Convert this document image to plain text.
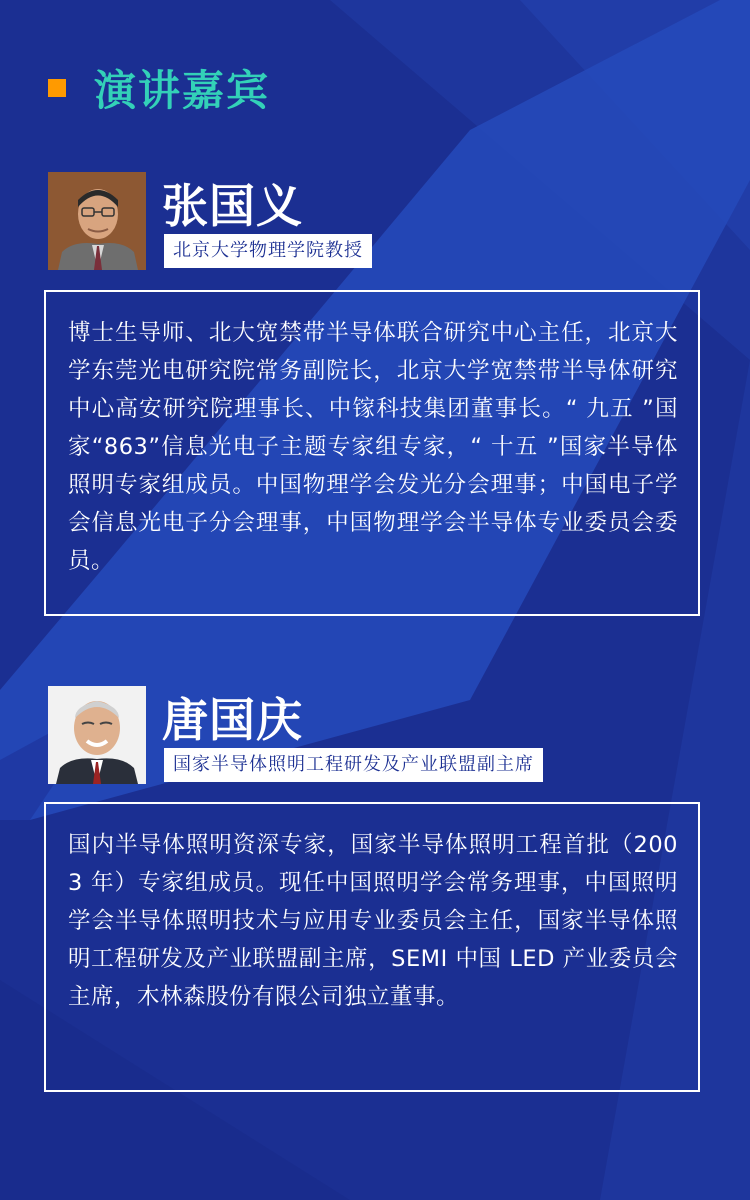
演讲嘉宾
张国义
北京大学物理学院教授
博士生导师、北大宽禁带半导体联合研究中心主任，北京大学东莞光电研究院常务副院长，北京大学宽禁带半导体研究中心高安研究院理事长、中镓科技集团董事长。“ 九五 ”国家“863”信息光电子主题专家组专家，“ 十五 ”国家半导体照明专家组成员。中国物理学会发光分会理事；中国电子学会信息光电子分会理事，中国物理学会半导体专业委员会委员。
唐国庆
国家半导体照明工程研发及产业联盟副主席
国内半导体照明资深专家，国家半导体照明工程首批（2003 年）专家组成员。现任中国照明学会常务理事，中国照明学会半导体照明技术与应用专业委员会主任，国家半导体照明工程研发及产业联盟副主席，SEMI 中国 LED 产业委员会主席，木林森股份有限公司独立董事。
